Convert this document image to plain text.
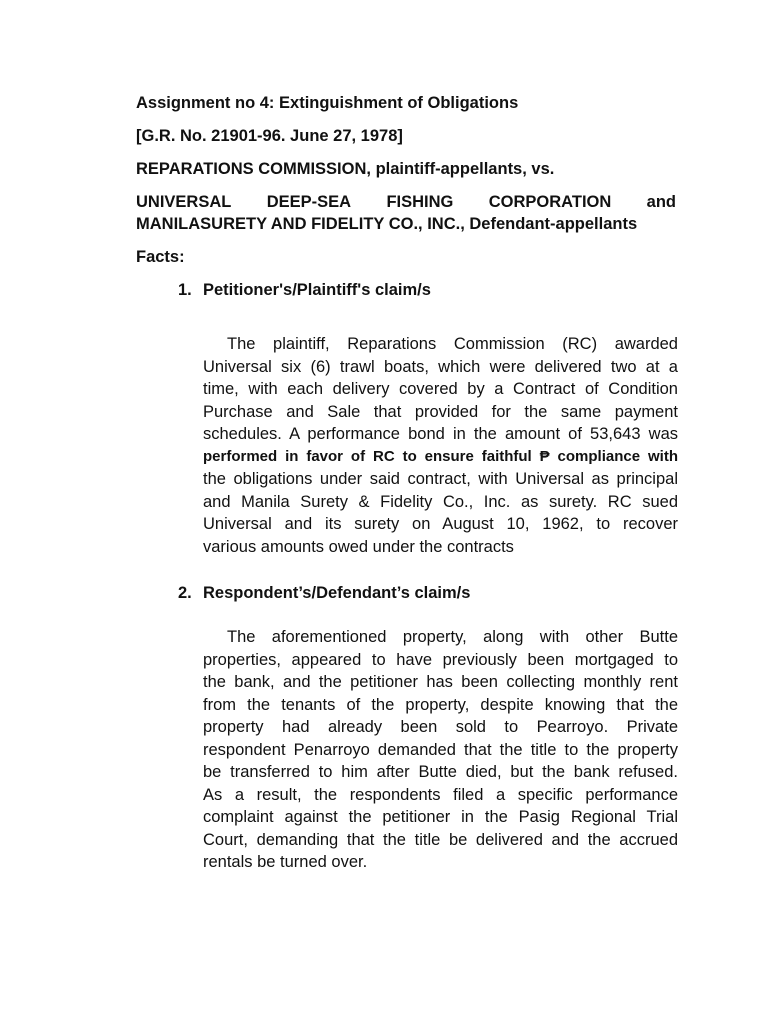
Assignment no 4: Extinguishment of Obligations
[G.R. No. 21901-96. June 27, 1978]
REPARATIONS COMMISSION, plaintiff-appellants, vs.
UNIVERSAL DEEP-SEA FISHING CORPORATION and
MANILASURETY AND FIDELITY CO., INC., Defendant-appellants
Facts:
1. Petitioner's/Plaintiff's claim/s
The plaintiff, Reparations Commission (RC) awarded
Universal six (6) trawl boats, which were delivered two at a
time, with each delivery covered by a Contract of Condition
Purchase and Sale that provided for the same payment
schedules. A performance bond in the amount of 53,643 was
performed in favor of RC to ensure faithful ₱ compliance with
the obligations under said contract, with Universal as principal
and Manila Surety & Fidelity Co., Inc. as surety. RC sued
Universal and its surety on August 10, 1962, to recover
various amounts owed under the contracts
2. Respondent’s/Defendant’s claim/s
The aforementioned property, along with other Butte
properties, appeared to have previously been mortgaged to
the bank, and the petitioner has been collecting monthly rent
from the tenants of the property, despite knowing that the
property had already been sold to Pearroyo. Private
respondent Penarroyo demanded that the title to the property
be transferred to him after Butte died, but the bank refused.
As a result, the respondents filed a specific performance
complaint against the petitioner in the Pasig Regional Trial
Court, demanding that the title be delivered and the accrued
rentals be turned over.
